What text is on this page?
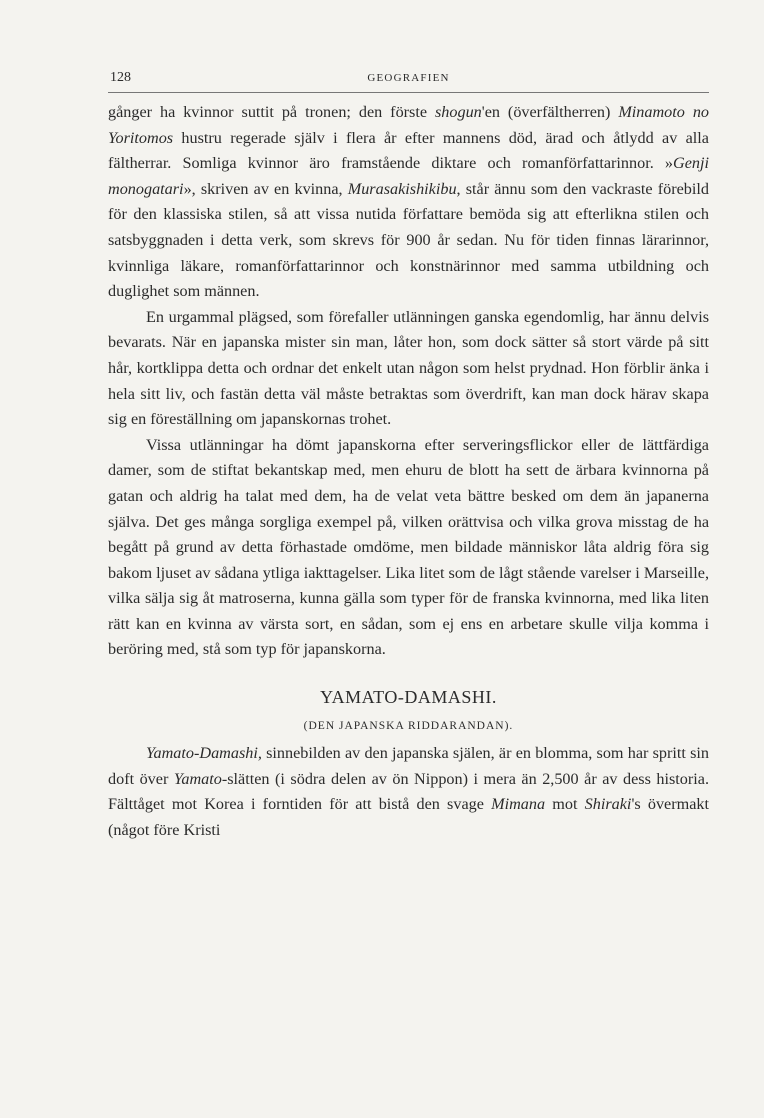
128	GEOGRAFIEN

gånger ha kvinnor suttit på tronen; den förste shogun'en (överfältherren) Minamoto no Yoritomos hustru regerade själv i flera år efter mannens död, ärad och åtlydd av alla fältherrar. Somliga kvinnor äro framstående diktare och romanförfattarinnor. »Genji monogatari», skriven av en kvinna, Murasakishikibu, står ännu som den vackraste förebild för den klassiska stilen, så att vissa nutida författare bemöda sig att efterlikna stilen och satsbyggnaden i detta verk, som skrevs för 900 år sedan. Nu för tiden finnas lärarinnor, kvinnliga läkare, romanförfattarinnor och konstnärinnor med samma utbildning och duglighet som männen.

En urgammal plägsed, som förefaller utlänningen ganska egendomlig, har ännu delvis bevarats. När en japanska mister sin man, låter hon, som dock sätter så stort värde på sitt hår, kortklippa detta och ordnar det enkelt utan någon som helst prydnad. Hon förblir änka i hela sitt liv, och fastän detta väl måste betraktas som överdrift, kan man dock härav skapa sig en föreställning om japanskornas trohet.

Vissa utlänningar ha dömt japanskorna efter serveringsflickor eller de lättfärdiga damer, som de stiftat bekantskap med, men ehuru de blott ha sett de ärbara kvinnorna på gatan och aldrig ha talat med dem, ha de velat veta bättre besked om dem än japanerna själva. Det ges många sorgliga exempel på, vilken orättvisa och vilka grova misstag de ha begått på grund av detta förhastade omdöme, men bildade människor låta aldrig föra sig bakom ljuset av sådana ytliga iakttagelser. Lika litet som de lågt stående varelser i Marseille, vilka sälja sig åt matroserna, kunna gälla som typer för de franska kvinnorna, med lika liten rätt kan en kvinna av värsta sort, en sådan, som ej ens en arbetare skulle vilja komma i beröring med, stå som typ för japanskorna.

YAMATO-DAMASHI.
(DEN JAPANSKA RIDDARANDAN).

Yamato-Damashi, sinnebilden av den japanska själen, är en blomma, som har spritt sin doft över Yamato-slätten (i södra delen av ön Nippon) i mera än 2,500 år av dess historia. Fälttåget mot Korea i forntiden för att bistå den svage Mimana mot Shiraki's övermakt (något före Kristi
